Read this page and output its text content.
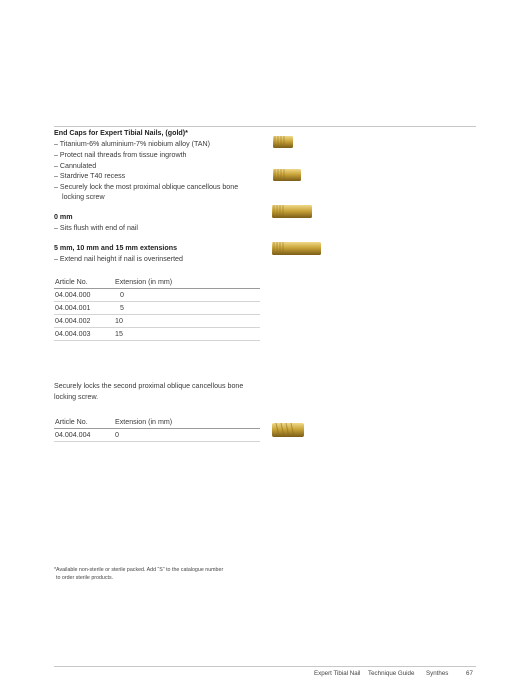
End Caps for Expert Tibial Nails, (gold)*
– Titanium-6% aluminium-7% niobium alloy (TAN)
– Protect nail threads from tissue ingrowth
– Cannulated
– Stardrive T40 recess
– Securely lock the most proximal oblique cancellous bone
locking screw
0 mm
– Sits flush with end of nail
5 mm, 10 mm and 15 mm extensions
– Extend nail height if nail is overinserted
Article No.	Extension (in mm)
04.004.000	0
04.004.001	5
04.004.002	10
04.004.003	15
Securely locks the second proximal oblique cancellous bone
locking screw.
Article No.	Extension (in mm)
04.004.004	0
*Available non-sterile or sterile packed. Add “S” to the catalogue number
to order sterile products.
Expert Tibial Nail Technique Guide Synthes	67
